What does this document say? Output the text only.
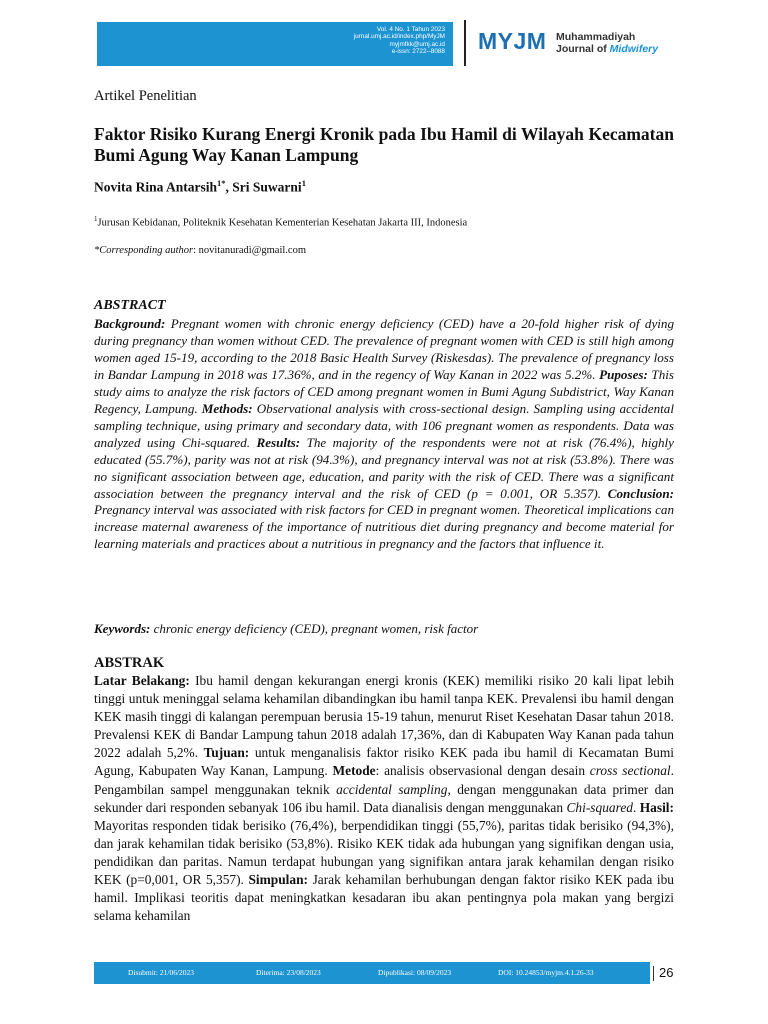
Vol. 4 No. 1 Tahun 2023
jurnal.umj.ac.id/index.php/MyJM
myjmfkk@umj.ac.id
e-issn: 2722--8088 MYJM Muhammadiyah
Journal of Midwifery
Artikel Penelitian
Faktor Risiko Kurang Energi Kronik pada Ibu Hamil di Wilayah Kecamatan Bumi Agung Way Kanan Lampung
Novita Rina Antarsih$^{1*}$, Sri Suwarni$^1$
$^1$Jurusan Kebidanan, Politeknik Kesehatan Kementerian Kesehatan Jakarta III, Indonesia
*Corresponding author: novitanuradi@gmail.com
ABSTRACT
Background: Pregnant women with chronic energy deficiency (CED) have a 20-fold higher risk of dying during pregnancy than women without CED. The prevalence of pregnant women with CED is still high among women aged 15-19, according to the 2018 Basic Health Survey (Riskesdas). The prevalence of pregnancy loss in Bandar Lampung in 2018 was 17.36%, and in the regency of Way Kanan in 2022 was 5.2%. Puposes: This study aims to analyze the risk factors of CED among pregnant women in Bumi Agung Subdistrict, Way Kanan Regency, Lampung. Methods: Observational analysis with cross-sectional design. Sampling using accidental sampling technique, using primary and secondary data, with 106 pregnant women as respondents. Data was analyzed using Chi-squared. Results: The majority of the respondents were not at risk (76.4%), highly educated (55.7%), parity was not at risk (94.3%), and pregnancy interval was not at risk (53.8%). There was no significant association between age, education, and parity with the risk of CED. There was a significant association between the pregnancy interval and the risk of CED (p = 0.001, OR 5.357). Conclusion: Pregnancy interval was associated with risk factors for CED in pregnant women. Theoretical implications can increase maternal awareness of the importance of nutritious diet during pregnancy and become material for learning materials and practices about a nutritious in pregnancy and the factors that influence it.
Keywords: chronic energy deficiency (CED), pregnant women, risk factor
ABSTRAK
Latar Belakang: Ibu hamil dengan kekurangan energi kronis (KEK) memiliki risiko 20 kali lipat lebih tinggi untuk meninggal selama kehamilan dibandingkan ibu hamil tanpa KEK. Prevalensi ibu hamil dengan KEK masih tinggi di kalangan perempuan berusia 15-19 tahun, menurut Riset Kesehatan Dasar tahun 2018. Prevalensi KEK di Bandar Lampung tahun 2018 adalah 17,36%, dan di Kabupaten Way Kanan pada tahun 2022 adalah 5,2%. Tujuan: untuk menganalisis faktor risiko KEK pada ibu hamil di Kecamatan Bumi Agung, Kabupaten Way Kanan, Lampung. Metode: analisis observasional dengan desain cross sectional. Pengambilan sampel menggunakan teknik accidental sampling, dengan menggunakan data primer dan sekunder dari responden sebanyak 106 ibu hamil. Data dianalisis dengan menggunakan Chi-squared. Hasil: Mayoritas responden tidak berisiko (76,4%), berpendidikan tinggi (55,7%), paritas tidak berisiko (94,3%), dan jarak kehamilan tidak berisiko (53,8%). Risiko KEK tidak ada hubungan yang signifikan dengan usia, pendidikan dan paritas. Namun terdapat hubungan yang signifikan antara jarak kehamilan dengan risiko KEK (p=0,001, OR 5,357). Simpulan: Jarak kehamilan berhubungan dengan faktor risiko KEK pada ibu hamil. Implikasi teoritis dapat meningkatkan kesadaran ibu akan pentingnya pola makan yang bergizi selama kehamilan
Disubmit: 21/06/2023	Diterima: 23/08/2023	Dipublikasi: 08/09/2023	DOI: 10.24853/myjm.4.1.26-33	26
